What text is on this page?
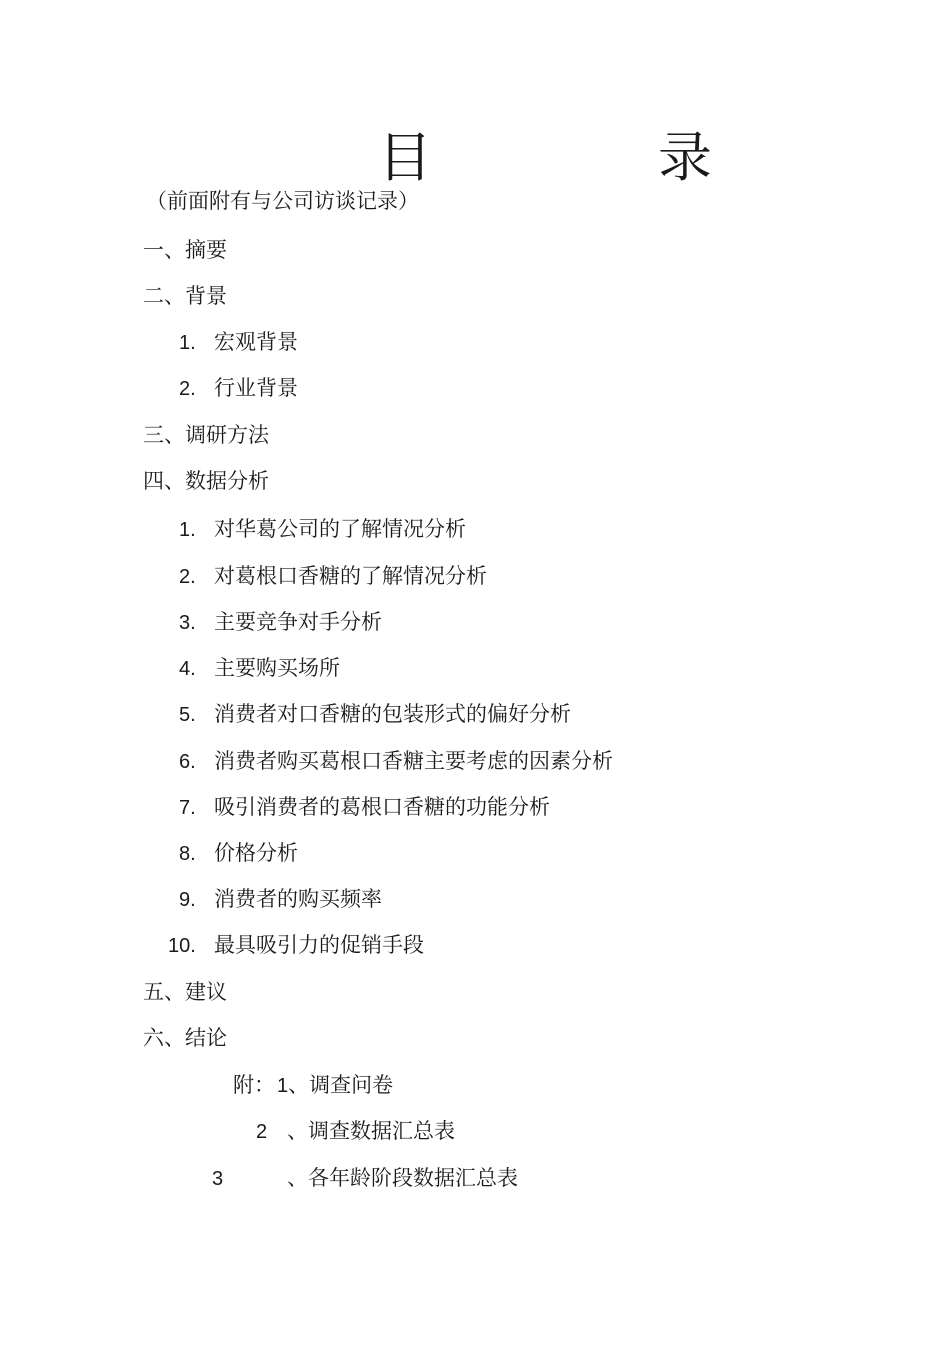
目　录
（前面附有与公司访谈记录）
一、摘要
二、背景
1. 宏观背景
2. 行业背景
三、调研方法
四、数据分析
1. 对华葛公司的了解情况分析
2. 对葛根口香糖的了解情况分析
3. 主要竞争对手分析
4. 主要购买场所
5. 消费者对口香糖的包装形式的偏好分析
6. 消费者购买葛根口香糖主要考虑的因素分析
7. 吸引消费者的葛根口香糖的功能分析
8. 价格分析
9. 消费者的购买频率
10. 最具吸引力的促销手段
五、建议
六、结论
附： 1、调查问卷
2 、调查数据汇总表
3	、各年龄阶段数据汇总表
